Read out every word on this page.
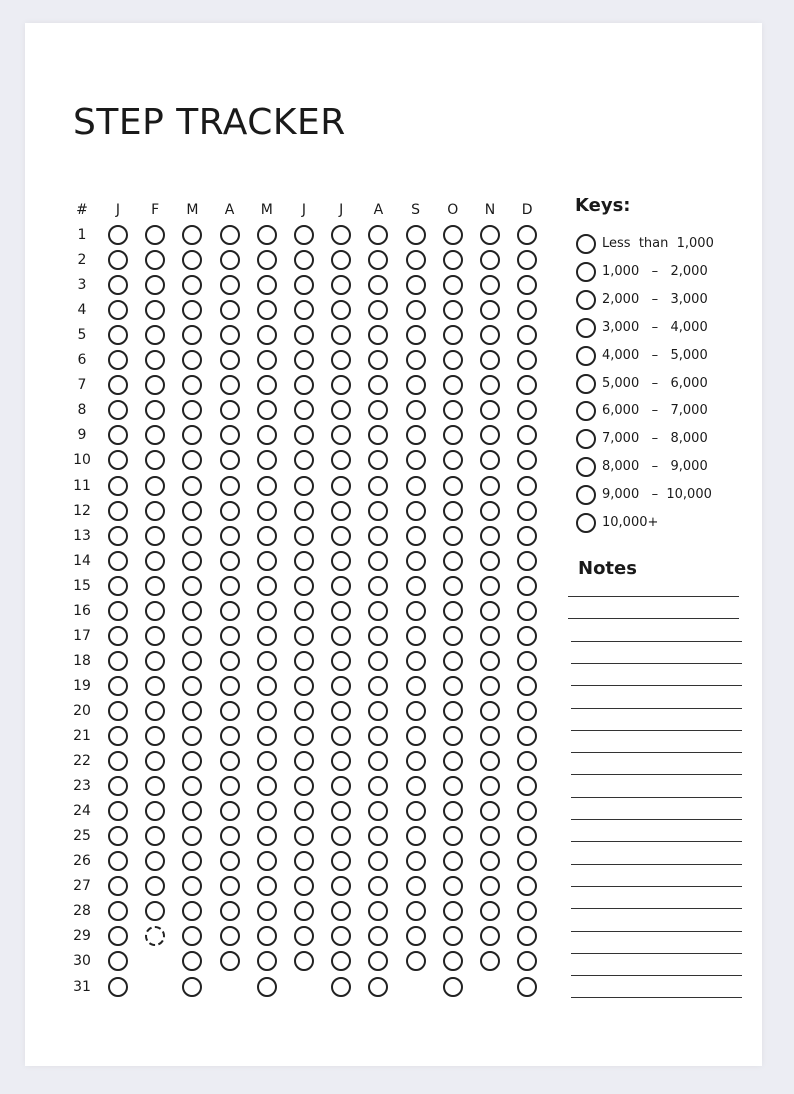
STEP TRACKER
#	J	F	M	A	M	J	J	A	S	O	N	D
1
2
3
4
5
6
7
8
9
10
11
12
13
14
15
16
17
18
19
20
21
22
23
24
25
26
27
28
29
30
31
Keys:
Less  than  1,000
1,000   –   2,000
2,000   –   3,000
3,000   –   4,000
4,000   –   5,000
5,000   –   6,000
6,000   –   7,000
7,000   –   8,000
8,000   –   9,000
9,000   –  10,000
10,000+
Notes
